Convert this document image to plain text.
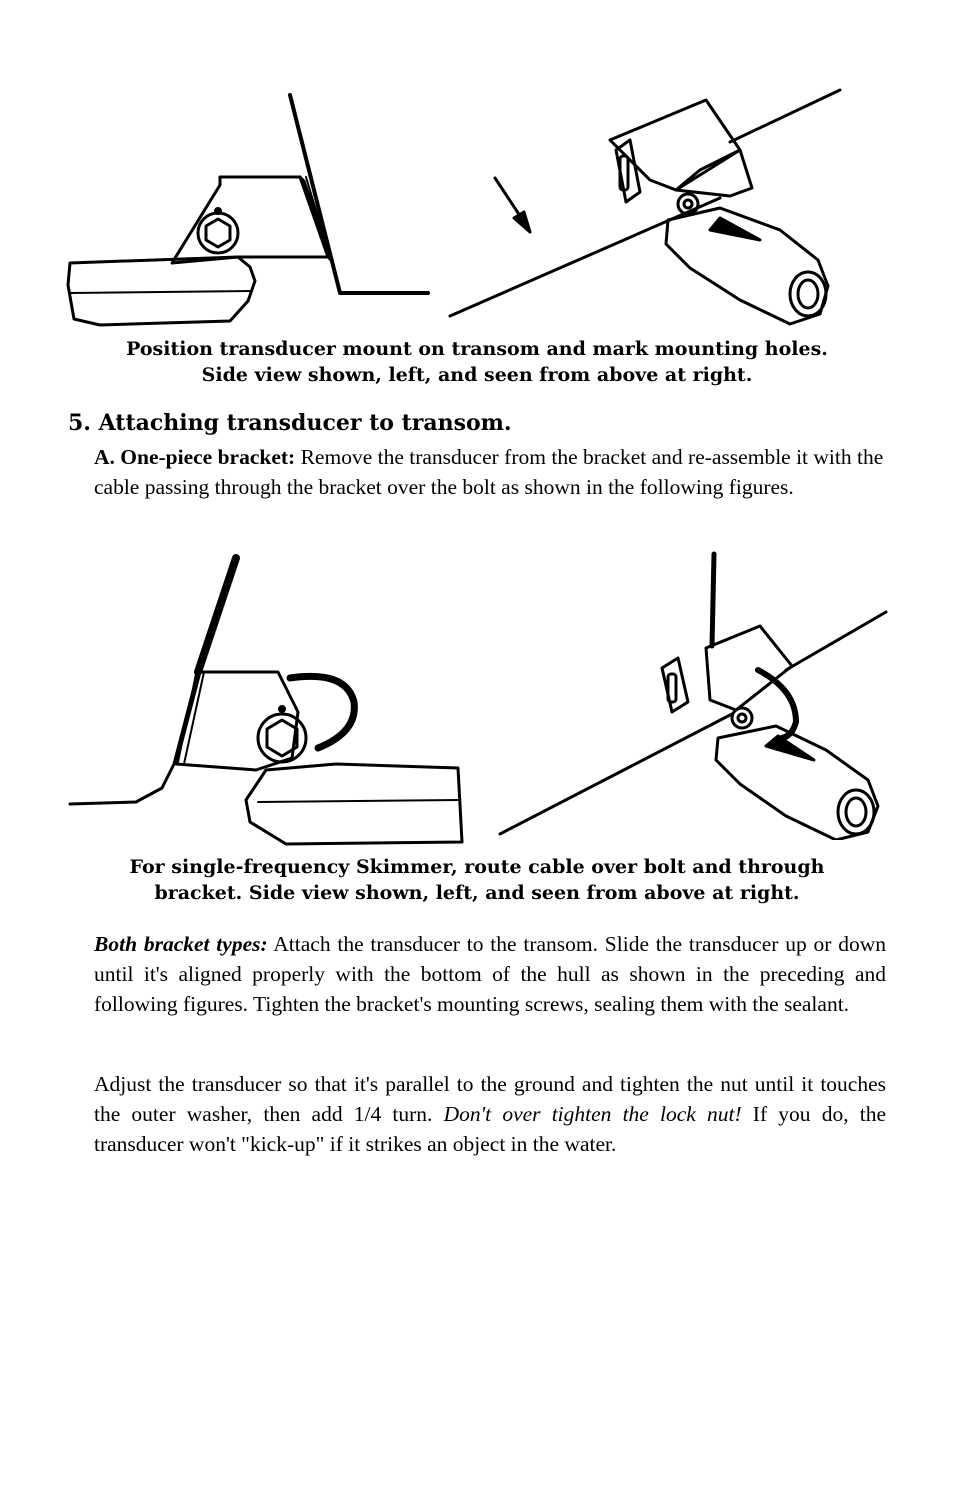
Position transducer mount on transom and mark mounting holes.
Side view shown, left, and seen from above at right.
5. Attaching transducer to transom.
A. One-piece bracket: Remove the transducer from the bracket and re-assemble it with the cable passing through the bracket over the bolt as shown in the following figures.
For single-frequency Skimmer, route cable over bolt and through
bracket. Side view shown, left, and seen from above at right.
Both bracket types: Attach the transducer to the transom. Slide the transducer up or down until it's aligned properly with the bottom of the hull as shown in the preceding and following figures. Tighten the bracket's mounting screws, sealing them with the sealant.
Adjust the transducer so that it's parallel to the ground and tighten the nut until it touches the outer washer, then add 1/4 turn. Don't over tighten the lock nut! If you do, the transducer won't "kick-up" if it strikes an object in the water.
